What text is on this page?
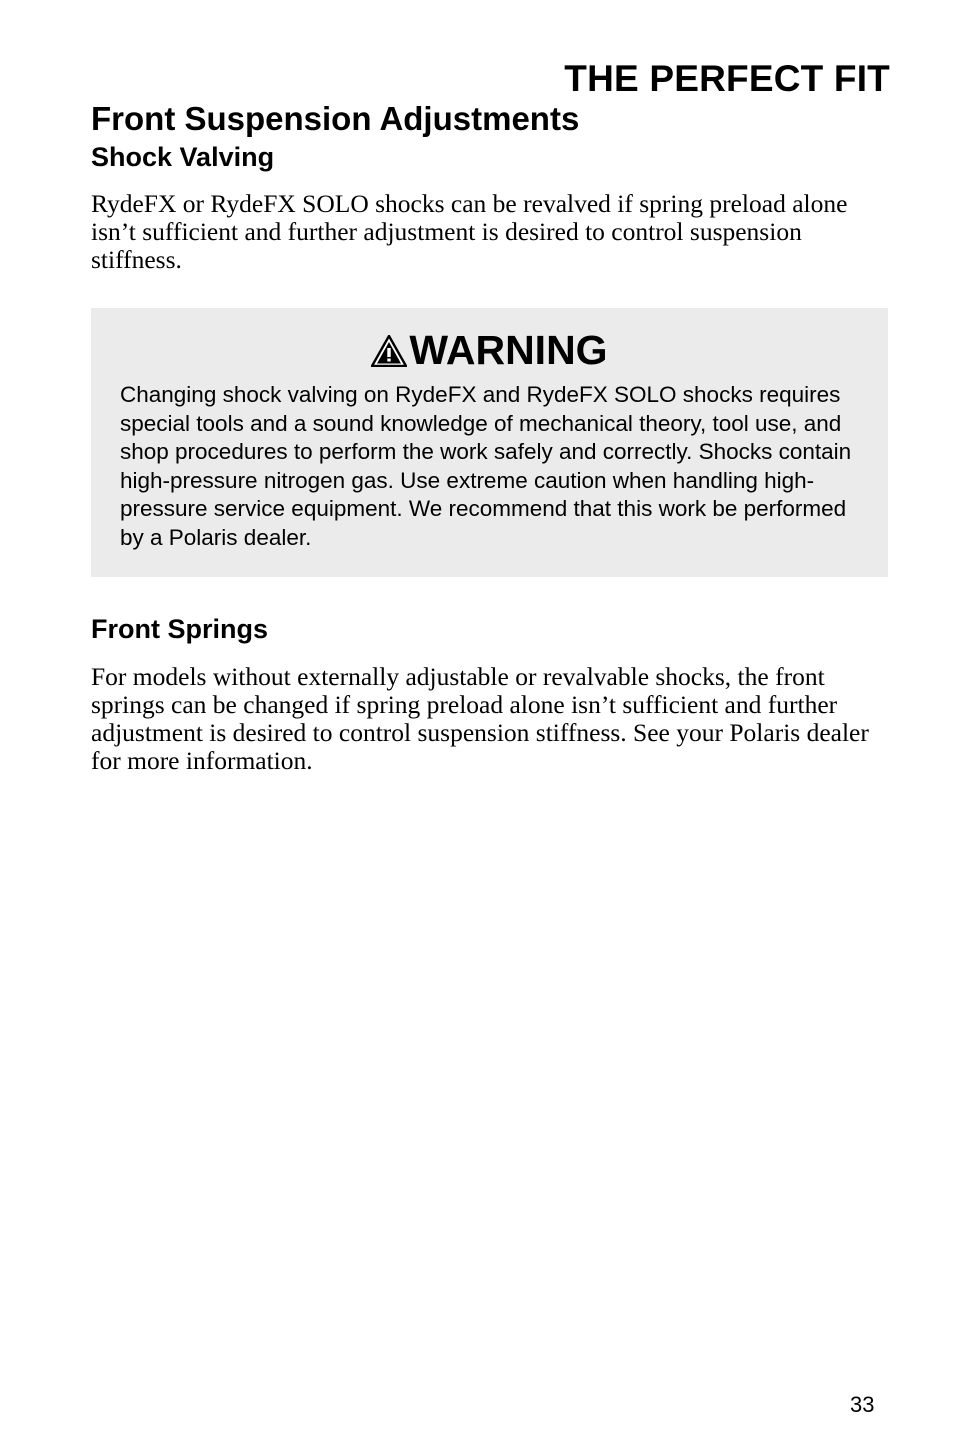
THE PERFECT FIT
Front Suspension Adjustments
Shock Valving

RydeFX or RydeFX SOLO shocks can be revalved if spring preload alone isn’t sufficient and further adjustment is desired to control suspension stiffness.

WARNING

Changing shock valving on RydeFX and RydeFX SOLO shocks requires special tools and a sound knowledge of mechanical theory, tool use, and shop procedures to perform the work safely and correctly. Shocks contain high-pressure nitrogen gas. Use extreme caution when handling high-pressure service equipment. We recommend that this work be performed by a Polaris dealer.

Front Springs

For models without externally adjustable or revalvable shocks, the front springs can be changed if spring preload alone isn’t sufficient and further adjustment is desired to control suspension stiffness. See your Polaris dealer for more information.

33
